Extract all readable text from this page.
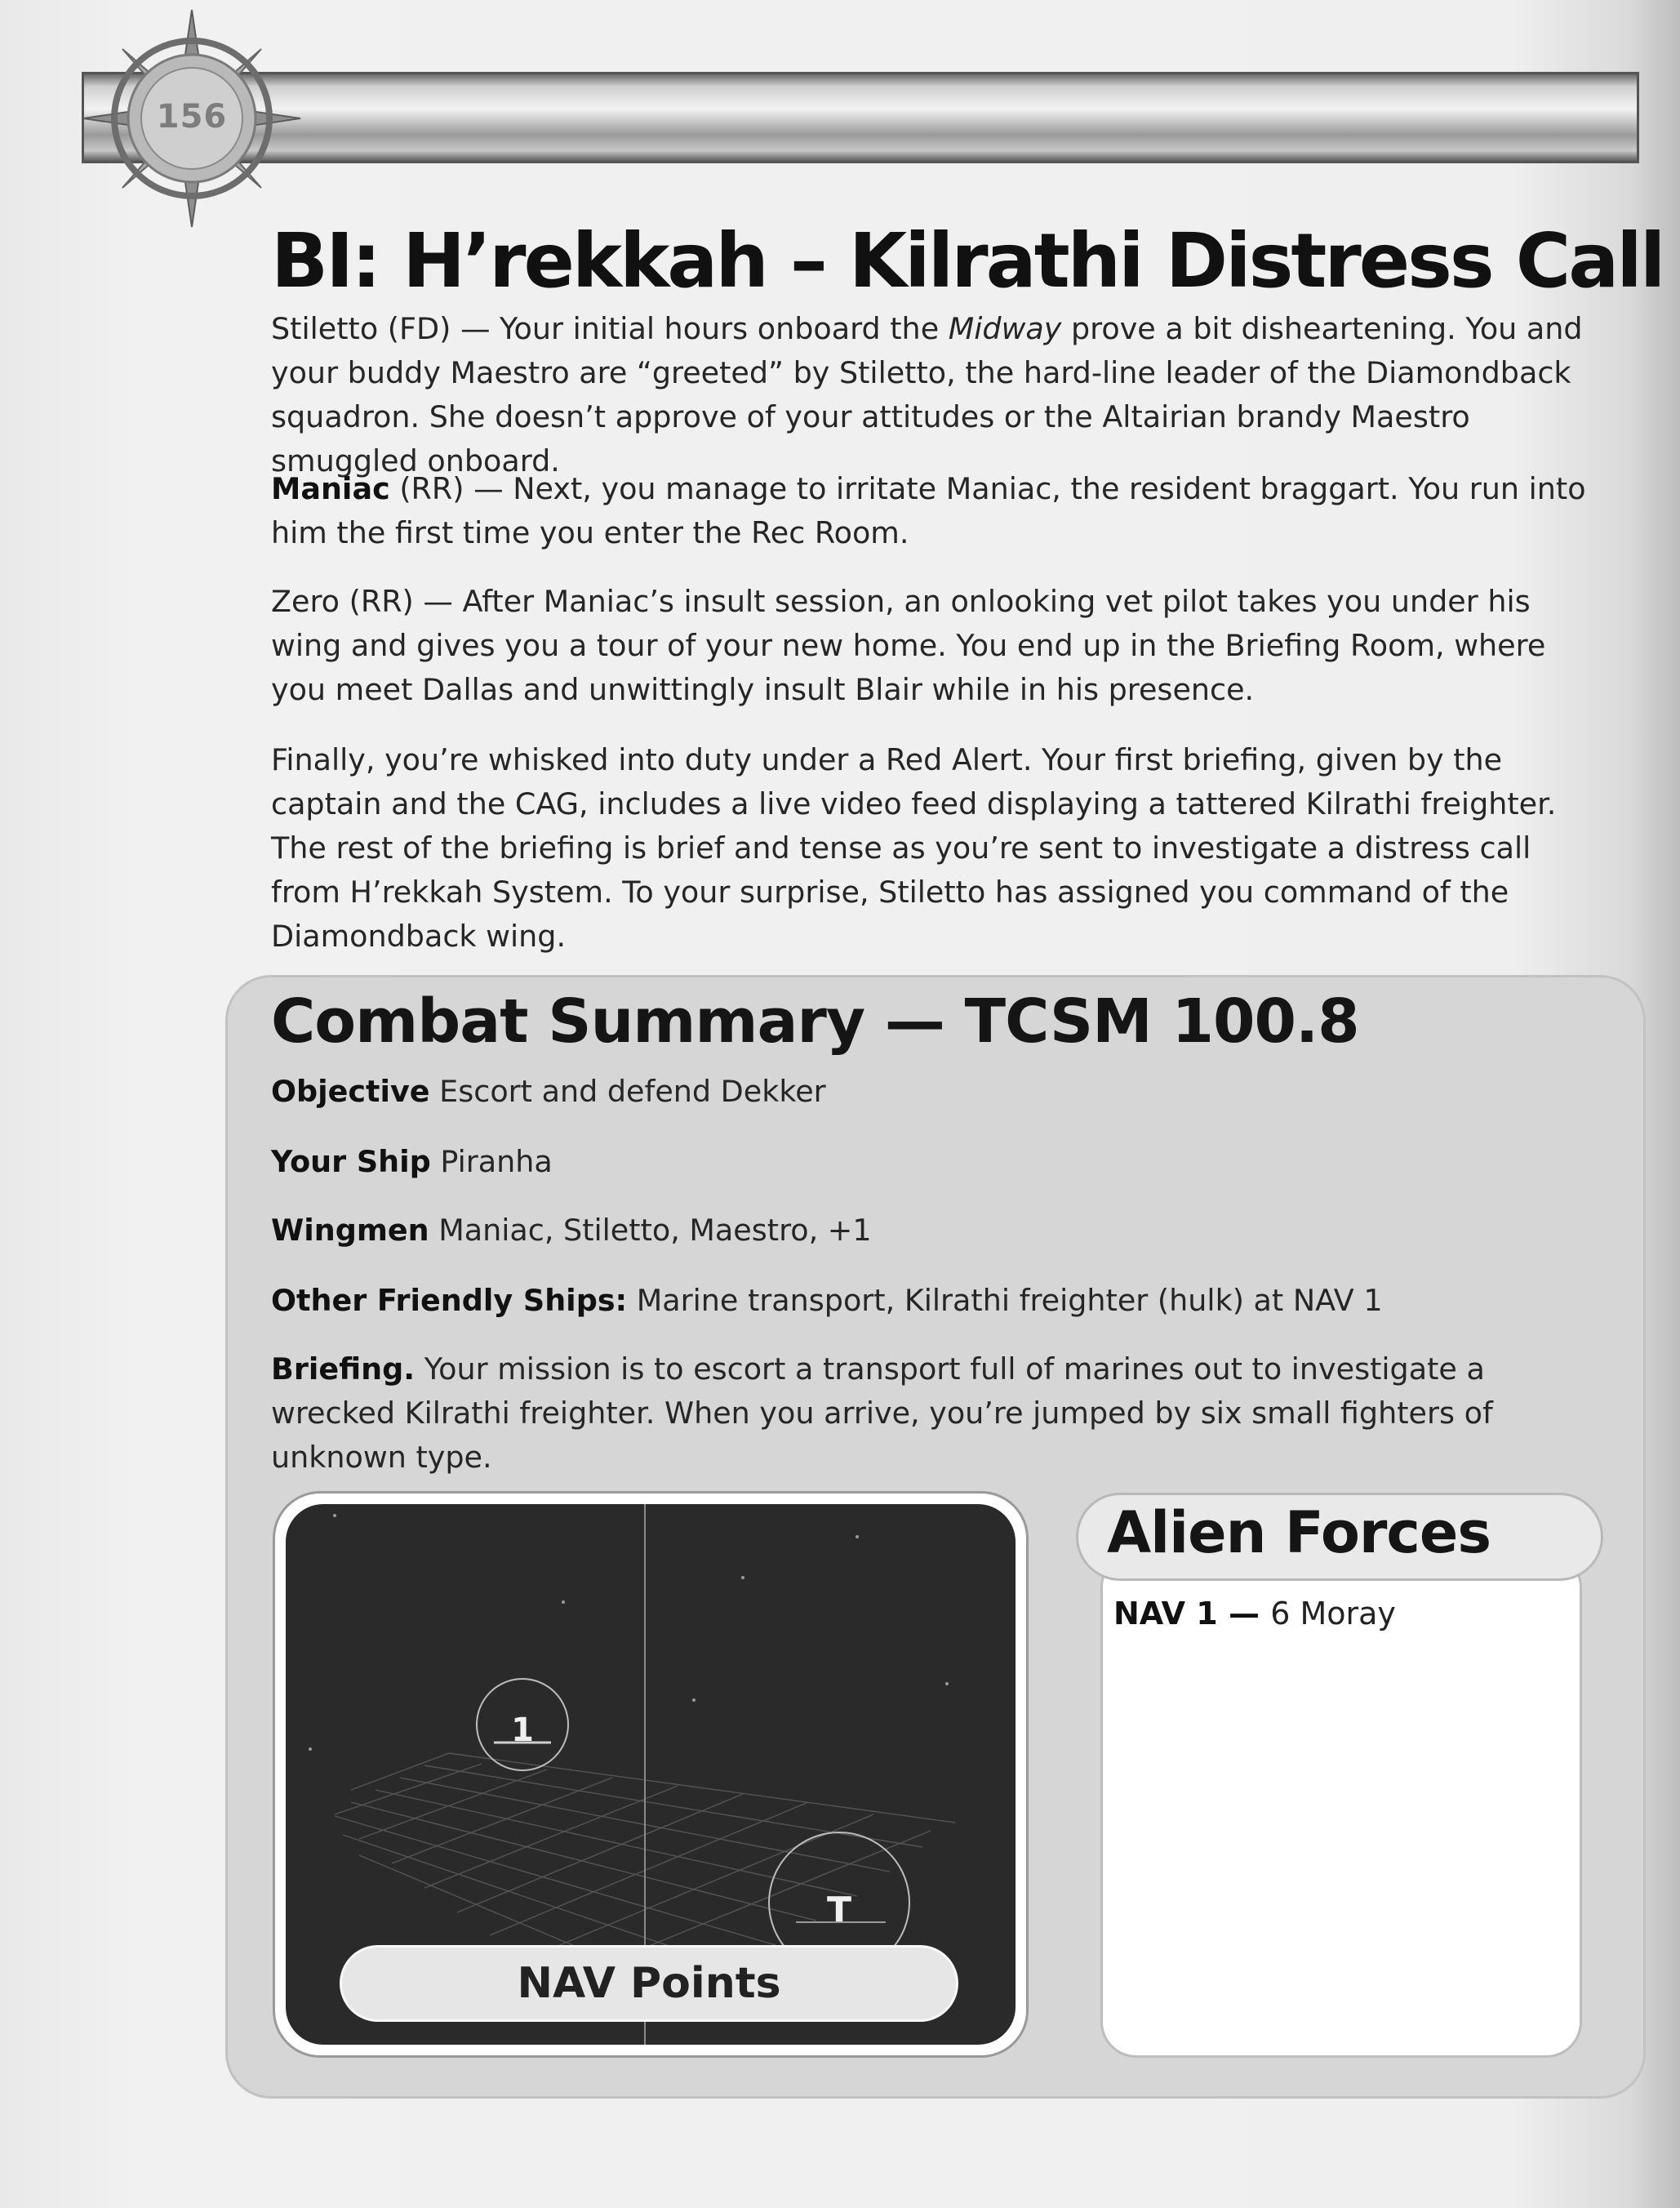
156
BI: H’rekkah – Kilrathi Distress Call

Stiletto (FD) — Your initial hours onboard the Midway prove a bit disheartening. You and your buddy Maestro are “greeted” by Stiletto, the hard-line leader of the Diamondback squadron. She doesn’t approve of your attitudes or the Altairian brandy Maestro smuggled onboard.

Maniac (RR) — Next, you manage to irritate Maniac, the resident braggart. You run into him the first time you enter the Rec Room.

Zero (RR) — After Maniac’s insult session, an onlooking vet pilot takes you under his wing and gives you a tour of your new home. You end up in the Briefing Room, where you meet Dallas and unwittingly insult Blair while in his presence.

Finally, you’re whisked into duty under a Red Alert. Your first briefing, given by the captain and the CAG, includes a live video feed displaying a tattered Kilrathi freighter. The rest of the briefing is brief and tense as you’re sent to investigate a distress call from H’rekkah System. To your surprise, Stiletto has assigned you command of the Diamondback wing.

Combat Summary — TCSM 100.8
Objective Escort and defend Dekker
Your Ship Piranha
Wingmen Maniac, Stiletto, Maestro, +1
Other Friendly Ships: Marine transport, Kilrathi freighter (hulk) at NAV 1
Briefing. Your mission is to escort a transport full of marines out to investigate a wrecked Kilrathi freighter. When you arrive, you’re jumped by six small fighters of unknown type.
1
T
NAV Points
Alien Forces
NAV 1 — 6 Moray
